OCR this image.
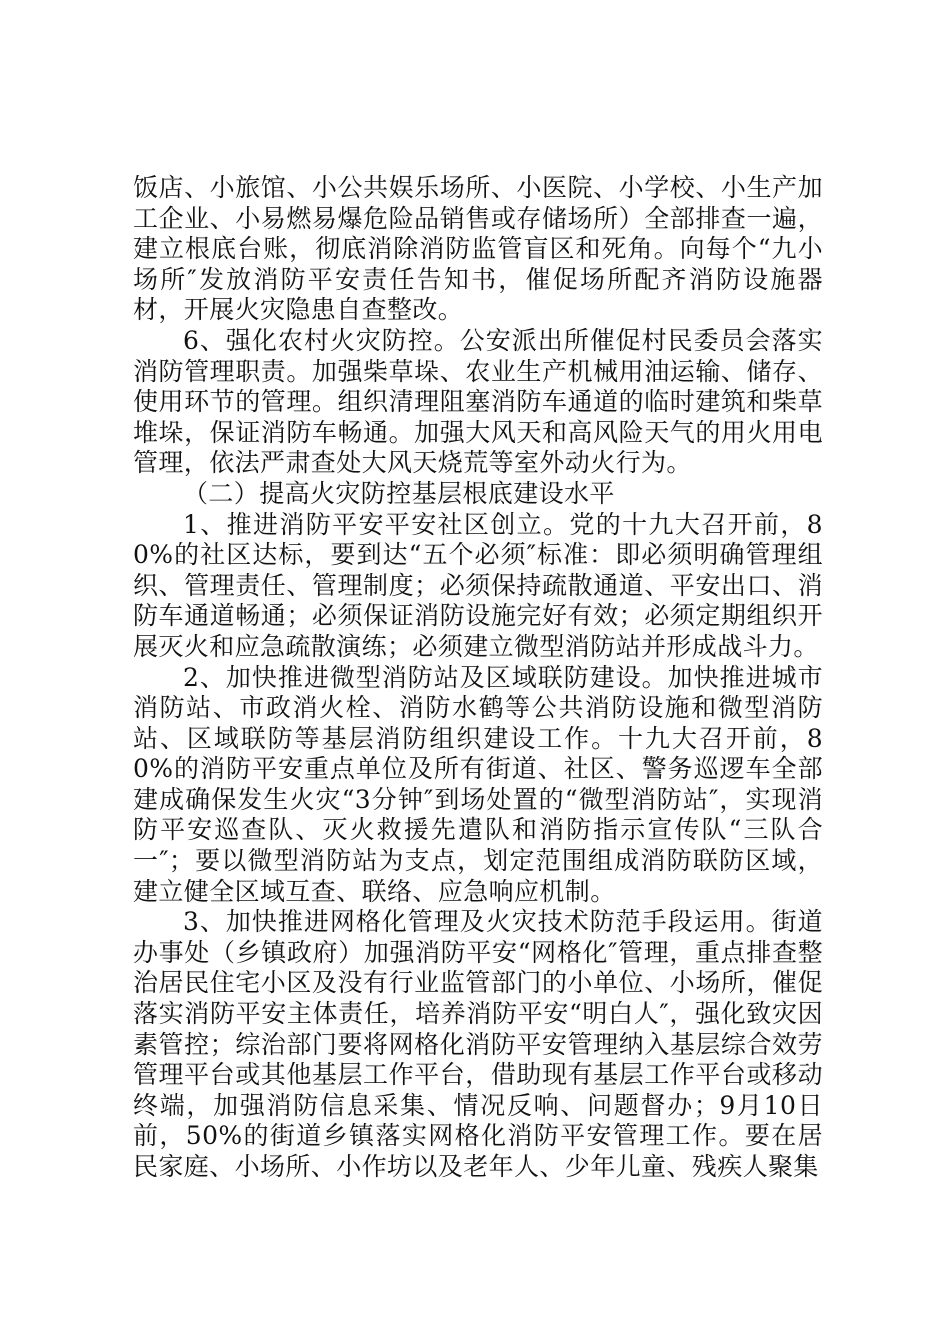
饭店、小旅馆、小公共娱乐场所、小医院、小学校、小生产加工企业、小易燃易爆危险品销售或存储场所）全部排查一遍，建立根底台账，彻底消除消防监管盲区和死角。向每个“九小场所″发放消防平安责任告知书，催促场所配齐消防设施器材，开展火灾隐患自查整改。

6、强化农村火灾防控。公安派出所催促村民委员会落实消防管理职责。加强柴草垛、农业生产机械用油运输、储存、使用环节的管理。组织清理阻塞消防车通道的临时建筑和柴草堆垛，保证消防车畅通。加强大风天和高风险天气的用火用电管理，依法严肃查处大风天烧荒等室外动火行为。

（二）提高火灾防控基层根底建设水平

1、推进消防平安平安社区创立。党的十九大召开前，80%的社区达标，要到达“五个必须″标准：即必须明确管理组织、管理责任、管理制度；必须保持疏散通道、平安出口、消防车通道畅通；必须保证消防设施完好有效；必须定期组织开展灭火和应急疏散演练；必须建立微型消防站并形成战斗力。

2、加快推进微型消防站及区域联防建设。加快推进城市消防站、市政消火栓、消防水鹤等公共消防设施和微型消防站、区域联防等基层消防组织建设工作。十九大召开前，80%的消防平安重点单位及所有街道、社区、警务巡逻车全部建成确保发生火灾“3分钟″到场处置的“微型消防站″，实现消防平安巡查队、灭火救援先遣队和消防指示宣传队“三队合一″；要以微型消防站为支点，划定范围组成消防联防区域，建立健全区域互查、联络、应急响应机制。

3、加快推进网格化管理及火灾技术防范手段运用。街道办事处（乡镇政府）加强消防平安“网格化″管理，重点排查整治居民住宅小区及没有行业监管部门的小单位、小场所，催促落实消防平安主体责任，培养消防平安“明白人″，强化致灾因素管控；综治部门要将网格化消防平安管理纳入基层综合效劳管理平台或其他基层工作平台，借助现有基层工作平台或移动终端，加强消防信息采集、情况反响、问题督办；9月10日前，50%的街道乡镇落实网格化消防平安管理工作。要在居民家庭、小场所、小作坊以及老年人、少年儿童、残疾人聚集
